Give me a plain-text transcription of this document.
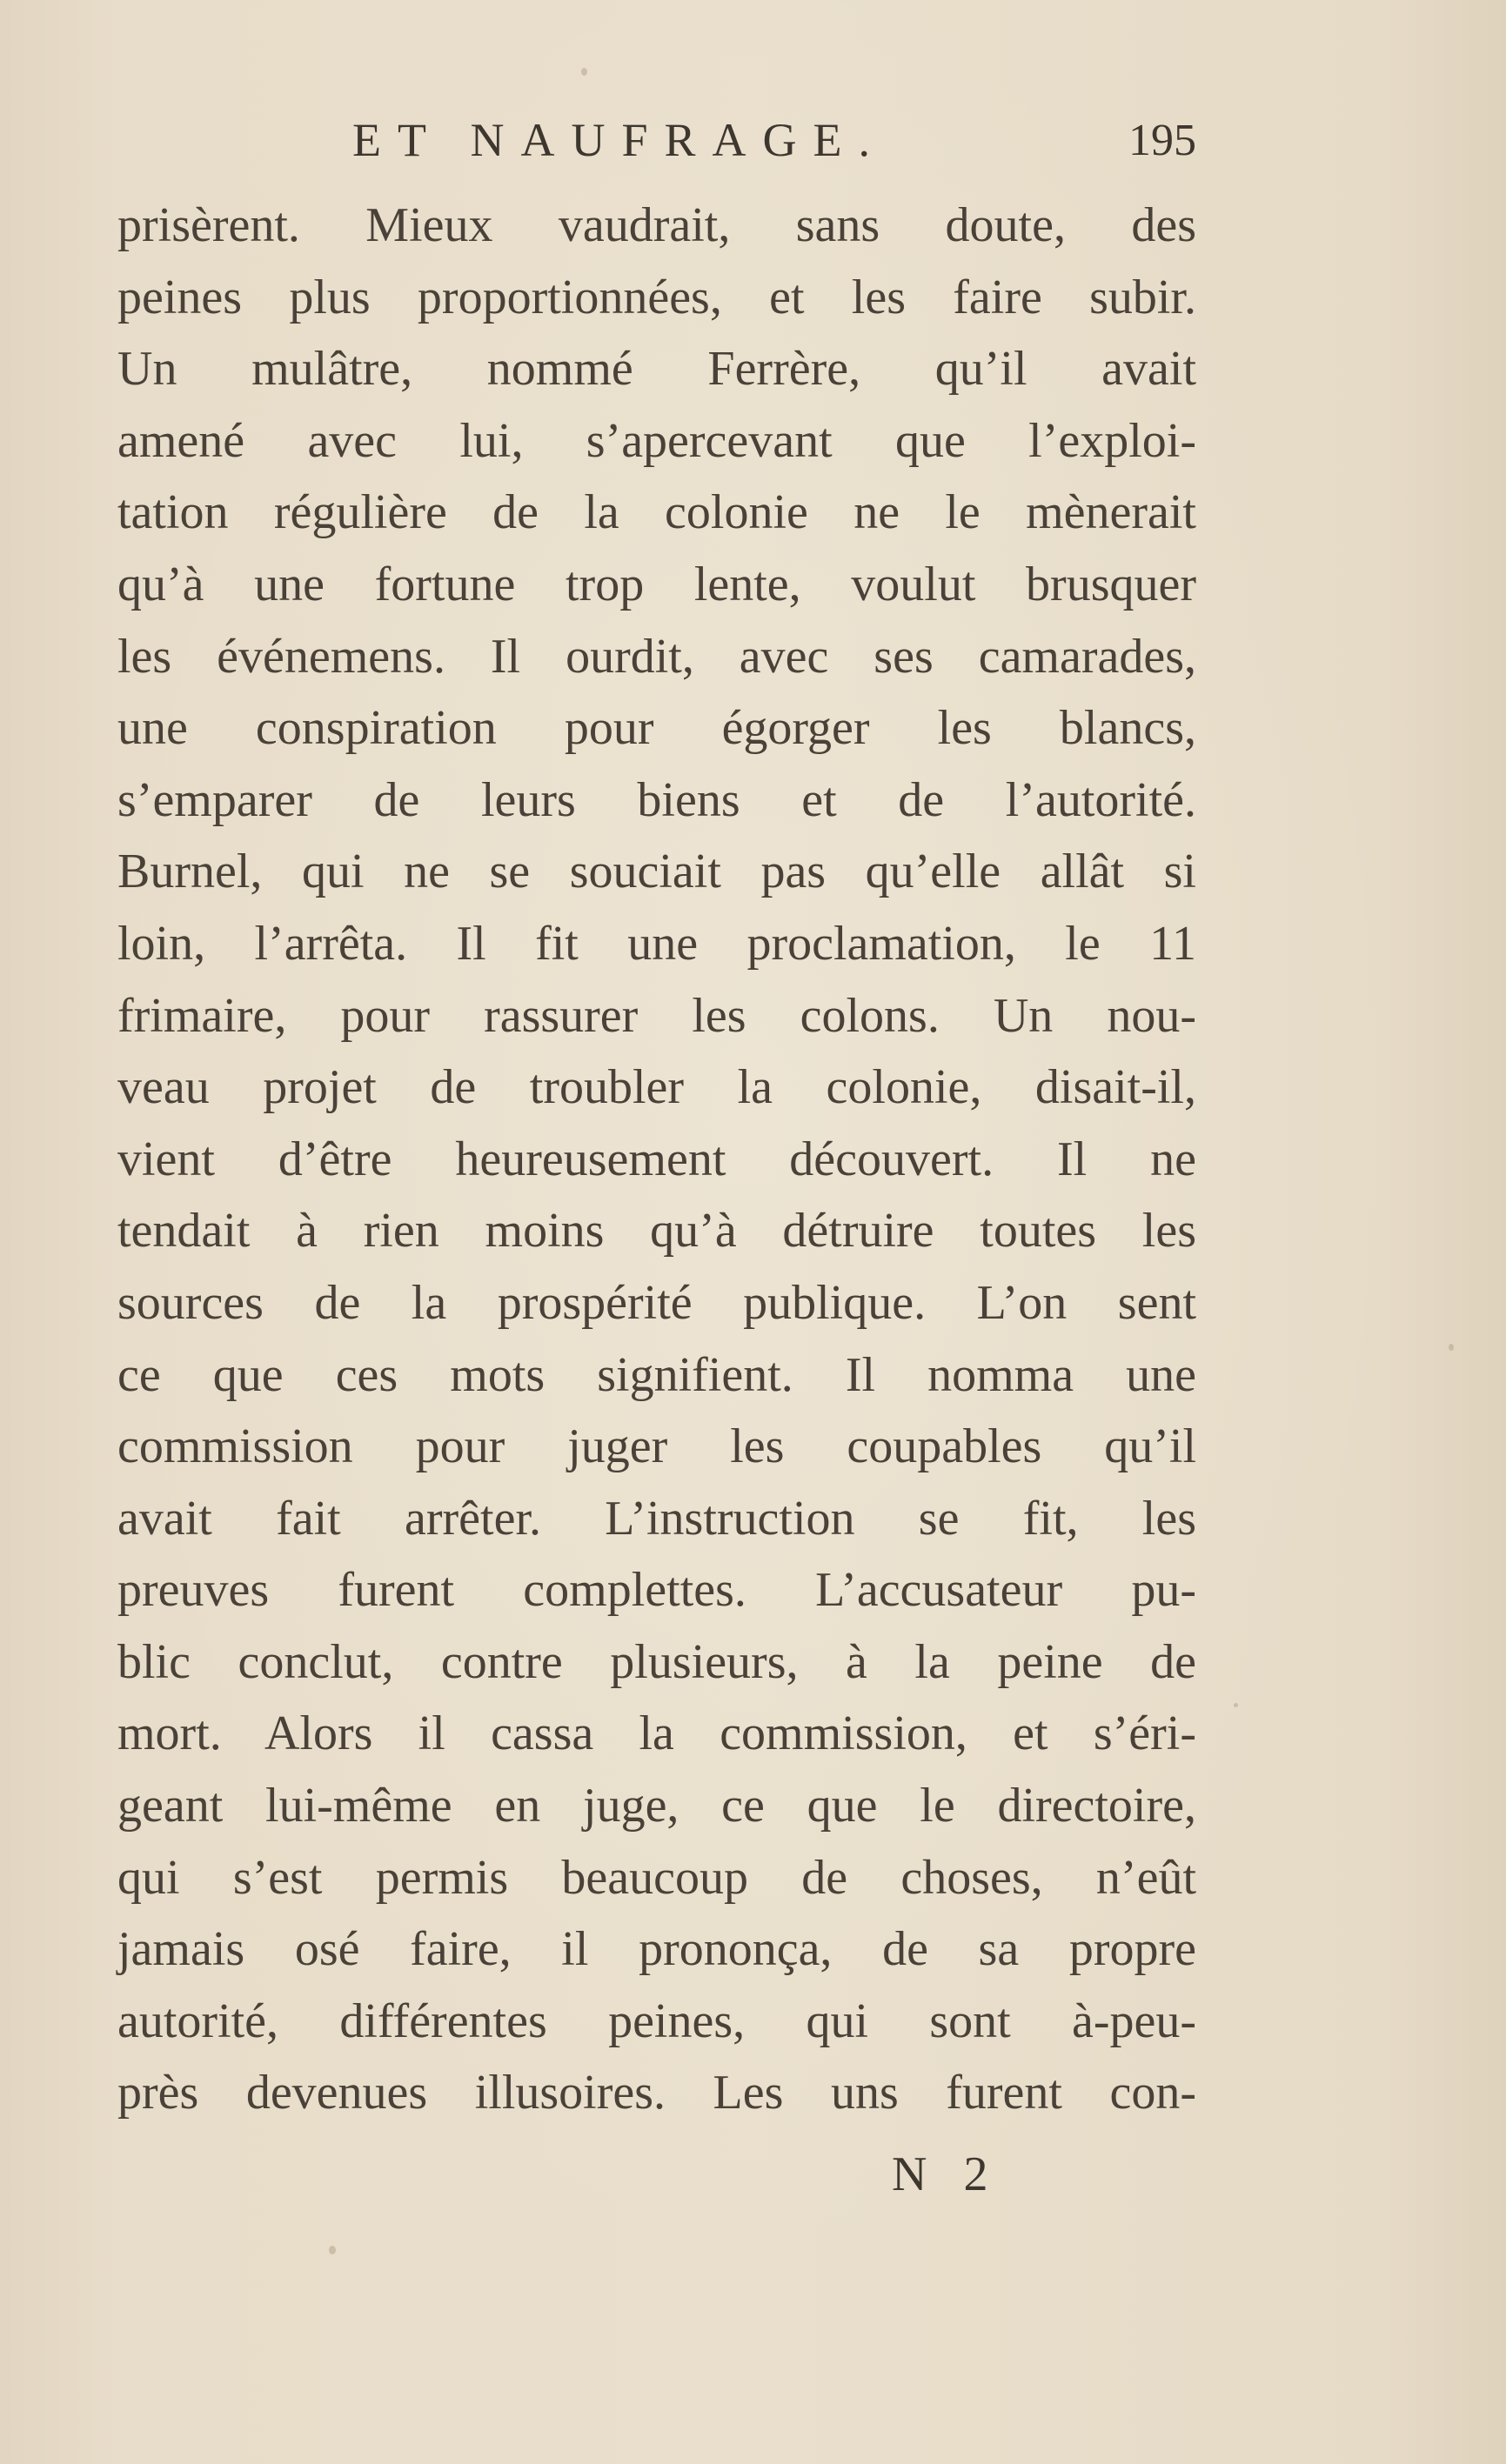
ET NAUFRAGE.	195
prisèrent. Mieux vaudrait, sans doute, des
peines plus proportionnées, et les faire subir.
Un mulâtre, nommé Ferrère, qu’il avait
amené avec lui, s’apercevant que l’exploi-
tation régulière de la colonie ne le mènerait
qu’à une fortune trop lente, voulut brusquer
les événemens. Il ourdit, avec ses camarades,
une conspiration pour égorger les blancs,
s’emparer de leurs biens et de l’autorité.
Burnel, qui ne se souciait pas qu’elle allât si
loin, l’arrêta. Il fit une proclamation, le 11
frimaire, pour rassurer les colons. Un nou-
veau projet de troubler la colonie, disait-il,
vient d’être heureusement découvert. Il ne
tendait à rien moins qu’à détruire toutes les
sources de la prospérité publique. L’on sent
ce que ces mots signifient. Il nomma une
commission pour juger les coupables qu’il
avait fait arrêter. L’instruction se fit, les
preuves furent complettes. L’accusateur pu-
blic conclut, contre plusieurs, à la peine de
mort. Alors il cassa la commission, et s’éri-
geant lui-même en juge, ce que le directoire,
qui s’est permis beaucoup de choses, n’eût
jamais osé faire, il prononça, de sa propre
autorité, différentes peines, qui sont à-peu-
près devenues illusoires. Les uns furent con-
N 2
